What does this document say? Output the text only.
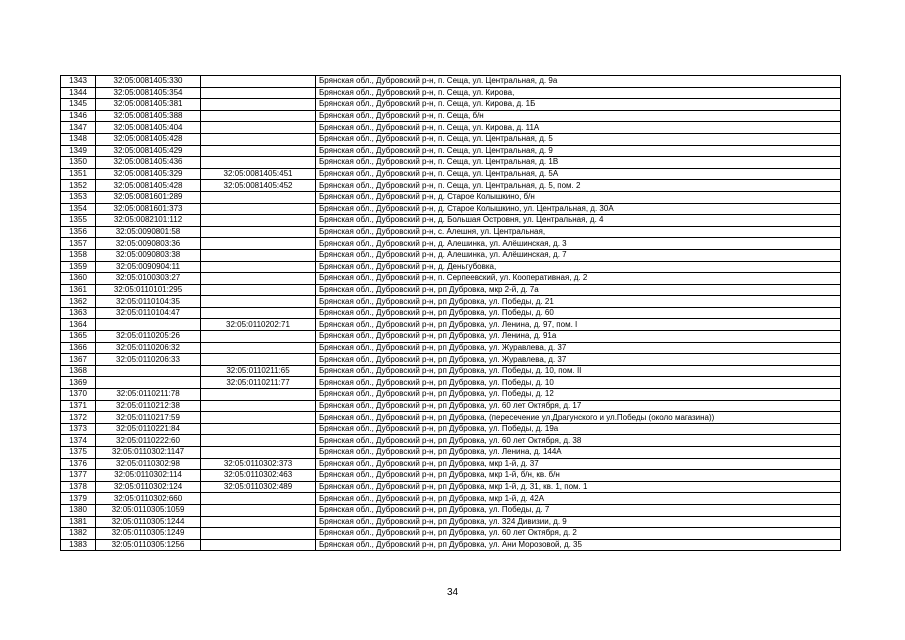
1343	32:05:0081405:330		Брянская обл., Дубровский р-н, п. Сеща, ул. Центральная, д. 9а
1344	32:05:0081405:354		Брянская обл., Дубровский р-н, п. Сеща, ул. Кирова,
1345	32:05:0081405:381		Брянская обл., Дубровский р-н, п. Сеща, ул. Кирова, д. 1Б
1346	32:05:0081405:388		Брянская обл., Дубровский р-н, п. Сеща, б/н
1347	32:05:0081405:404		Брянская обл., Дубровский р-н, п. Сеща, ул. Кирова, д. 11А
1348	32:05:0081405:428		Брянская обл., Дубровский р-н, п. Сеща, ул. Центральная, д. 5
1349	32:05:0081405:429		Брянская обл., Дубровский р-н, п. Сеща, ул. Центральная, д. 9
1350	32:05:0081405:436		Брянская обл., Дубровский р-н, п. Сеща, ул. Центральная, д. 1В
1351	32:05:0081405:329	32:05:0081405:451	Брянская обл., Дубровский р-н, п. Сеща, ул. Центральная, д. 5А
1352	32:05:0081405:428	32:05:0081405:452	Брянская обл., Дубровский р-н, п. Сеща, ул. Центральная, д. 5, пом. 2
1353	32:05:0081601:289		Брянская обл., Дубровский р-н, д. Старое Колышкино, б/н
1354	32:05:0081601:373		Брянская обл., Дубровский р-н, д. Старое Колышкино, ул. Центральная, д. 30А
1355	32:05:0082101:112		Брянская обл., Дубровский р-н, д. Большая Островня, ул. Центральная, д. 4
1356	32:05:0090801:58		Брянская обл., Дубровский р-н, с. Алешня, ул. Центральная,
1357	32:05:0090803:36		Брянская обл., Дубровский р-н, д. Алешинка, ул. Алёшинская, д. 3
1358	32:05:0090803:38		Брянская обл., Дубровский р-н, д. Алешинка, ул. Алёшинская, д. 7
1359	32:05:0090904:11		Брянская обл., Дубровский р-н, д. Деньгубовка,
1360	32:05:0100303:27		Брянская обл., Дубровский р-н, п. Серпеевский, ул. Кооперативная, д. 2
1361	32:05:0110101:295		Брянская обл., Дубровский р-н, рп Дубровка, мкр 2-й, д. 7а
1362	32:05:0110104:35		Брянская обл., Дубровский р-н, рп Дубровка, ул. Победы, д. 21
1363	32:05:0110104:47		Брянская обл., Дубровский р-н, рп Дубровка, ул. Победы, д. 60
1364		32:05:0110202:71	Брянская обл., Дубровский р-н, рп Дубровка, ул. Ленина, д. 97, пом. I
1365	32:05:0110205:26		Брянская обл., Дубровский р-н, рп Дубровка, ул. Ленина, д. 91а
1366	32:05:0110206:32		Брянская обл., Дубровский р-н, рп Дубровка, ул. Журавлева, д. 37
1367	32:05:0110206:33		Брянская обл., Дубровский р-н, рп Дубровка, ул. Журавлева, д. 37
1368		32:05:0110211:65	Брянская обл., Дубровский р-н, рп Дубровка, ул. Победы, д. 10, пом. II
1369		32:05:0110211:77	Брянская обл., Дубровский р-н, рп Дубровка, ул. Победы, д. 10
1370	32:05:0110211:78		Брянская обл., Дубровский р-н, рп Дубровка, ул. Победы, д. 12
1371	32:05:0110212:38		Брянская обл., Дубровский р-н, рп Дубровка, ул. 60 лет Октября, д. 17
1372	32:05:0110217:59		Брянская обл., Дубровский р-н, рп Дубровка, (пересечение ул.Драгунского и ул.Победы (около магазина))
1373	32:05:0110221:84		Брянская обл., Дубровский р-н, рп Дубровка, ул. Победы, д. 19а
1374	32:05:0110222:60		Брянская обл., Дубровский р-н, рп Дубровка, ул. 60 лет Октября, д. 38
1375	32:05:0110302:1147		Брянская обл., Дубровский р-н, рп Дубровка, ул. Ленина, д. 144А
1376	32:05:0110302:98	32:05:0110302:373	Брянская обл., Дубровский р-н, рп Дубровка, мкр 1-й, д. 37
1377	32:05:0110302:114	32:05:0110302:463	Брянская обл., Дубровский р-н, рп Дубровка, мкр 1-й, б/н, кв. б/н
1378	32:05:0110302:124	32:05:0110302:489	Брянская обл., Дубровский р-н, рп Дубровка, мкр 1-й, д. 31, кв. 1, пом. 1
1379	32:05:0110302:660		Брянская обл., Дубровский р-н, рп Дубровка, мкр 1-й, д. 42А
1380	32:05:0110305:1059		Брянская обл., Дубровский р-н, рп Дубровка, ул. Победы, д. 7
1381	32:05:0110305:1244		Брянская обл., Дубровский р-н, рп Дубровка, ул. 324 Дивизии, д. 9
1382	32:05:0110305:1249		Брянская обл., Дубровский р-н, рп Дубровка, ул. 60 лет Октября, д. 2
1383	32:05:0110305:1256		Брянская обл., Дубровский р-н, рп Дубровка, ул. Ани Морозовой, д. 35
34
